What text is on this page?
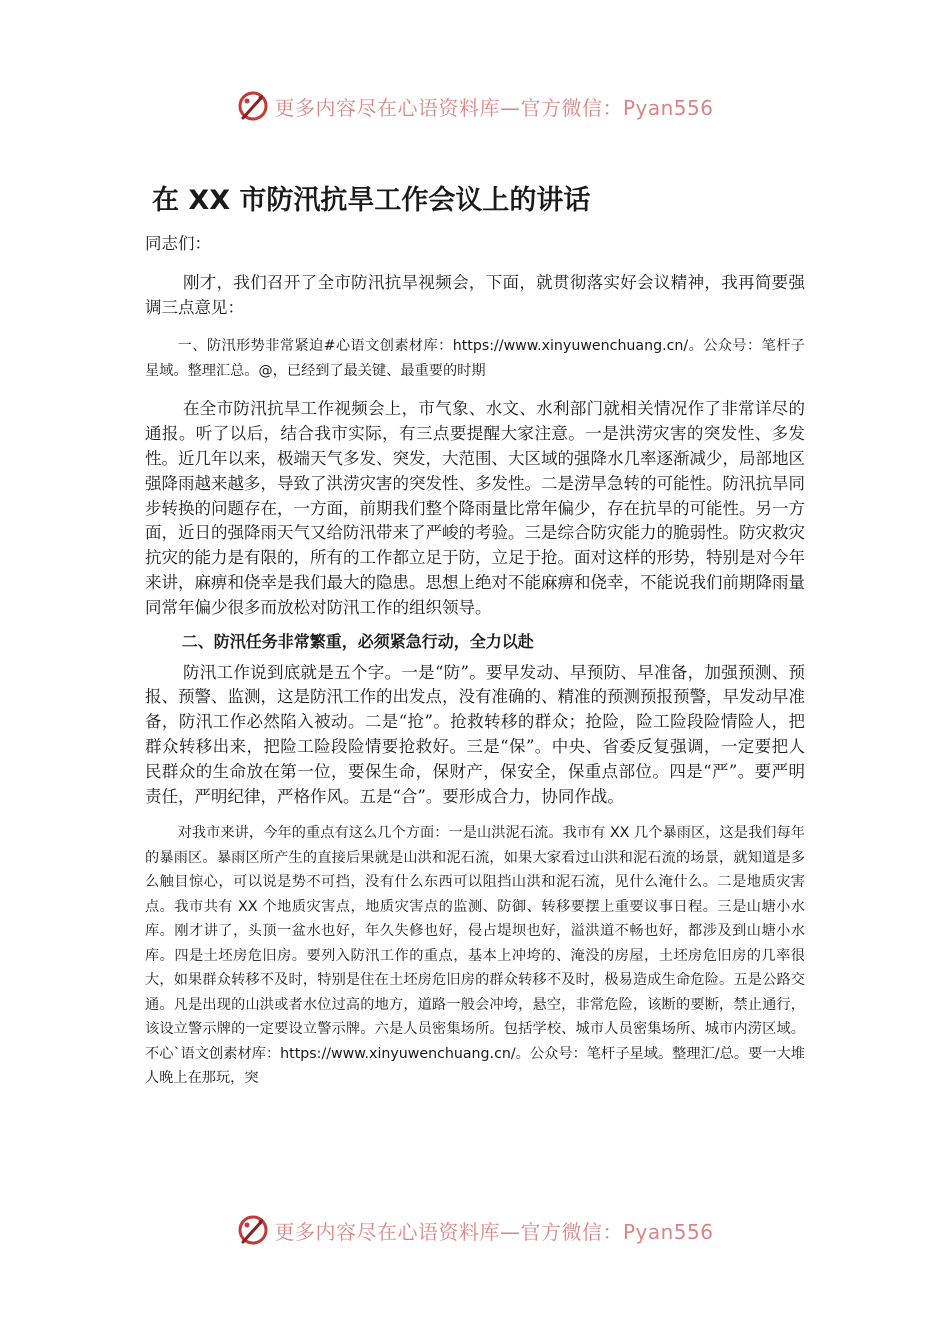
更多内容尽在心语资料库—官方微信：Pyan556
在 XX 市防汛抗旱工作会议上的讲话

同志们：

刚才，我们召开了全市防汛抗旱视频会，下面，就贯彻落实好会议精神，我再简要强调三点意见：

一、防汛形势非常紧迫#心语文创素材库：https://www.xinyuwenchuang.cn/。公众号：笔杆子星域。整理汇总。@，已经到了最关键、最重要的时期

在全市防汛抗旱工作视频会上，市气象、水文、水利部门就相关情况作了非常详尽的通报。听了以后，结合我市实际，有三点要提醒大家注意。一是洪涝灾害的突发性、多发性。近几年以来，极端天气多发、突发，大范围、大区域的强降水几率逐渐减少，局部地区强降雨越来越多，导致了洪涝灾害的突发性、多发性。二是涝旱急转的可能性。防汛抗旱同步转换的问题存在，一方面，前期我们整个降雨量比常年偏少，存在抗旱的可能性。另一方面，近日的强降雨天气又给防汛带来了严峻的考验。三是综合防灾能力的脆弱性。防灾救灾抗灾的能力是有限的，所有的工作都立足于防，立足于抢。面对这样的形势，特别是对今年来讲，麻痹和侥幸是我们最大的隐患。思想上绝对不能麻痹和侥幸，不能说我们前期降雨量同常年偏少很多而放松对防汛工作的组织领导。

二、防汛任务非常繁重，必须紧急行动，全力以赴

防汛工作说到底就是五个字。一是“防”。要早发动、早预防、早准备，加强预测、预报、预警、监测，这是防汛工作的出发点，没有准确的、精准的预测预报预警，早发动早准备，防汛工作必然陷入被动。二是“抢”。抢救转移的群众；抢险，险工险段险情险人，把群众转移出来，把险工险段险情要抢救好。三是“保”。中央、省委反复强调，一定要把人民群众的生命放在第一位，要保生命，保财产，保安全，保重点部位。四是“严”。要严明责任，严明纪律，严格作风。五是“合”。要形成合力，协同作战。

对我市来讲，今年的重点有这么几个方面：一是山洪泥石流。我市有 XX 几个暴雨区，这是我们每年的暴雨区。暴雨区所产生的直接后果就是山洪和泥石流，如果大家看过山洪和泥石流的场景，就知道是多么触目惊心，可以说是势不可挡，没有什么东西可以阻挡山洪和泥石流，见什么淹什么。二是地质灾害点。我市共有 XX 个地质灾害点，地质灾害点的监测、防御、转移要摆上重要议事日程。三是山塘小水库。刚才讲了，头顶一盆水也好，年久失修也好，侵占堤坝也好，溢洪道不畅也好，都涉及到山塘小水库。四是土坯房危旧房。要列入防汛工作的重点，基本上冲垮的、淹没的房屋，土坯房危旧房的几率很大，如果群众转移不及时，特别是住在土坯房危旧房的群众转移不及时，极易造成生命危险。五是公路交通。凡是出现的山洪或者水位过高的地方，道路一般会冲垮，悬空，非常危险，该断的要断，禁止通行，该设立警示牌的一定要设立警示牌。六是人员密集场所。包括学校、城市人员密集场所、城市内涝区域。不心`语文创素材库：https://www.xinyuwenchuang.cn/。公众号：笔杆子星域。整理汇/总。要一大堆人晚上在那玩，突

更多内容尽在心语资料库—官方微信：Pyan556
